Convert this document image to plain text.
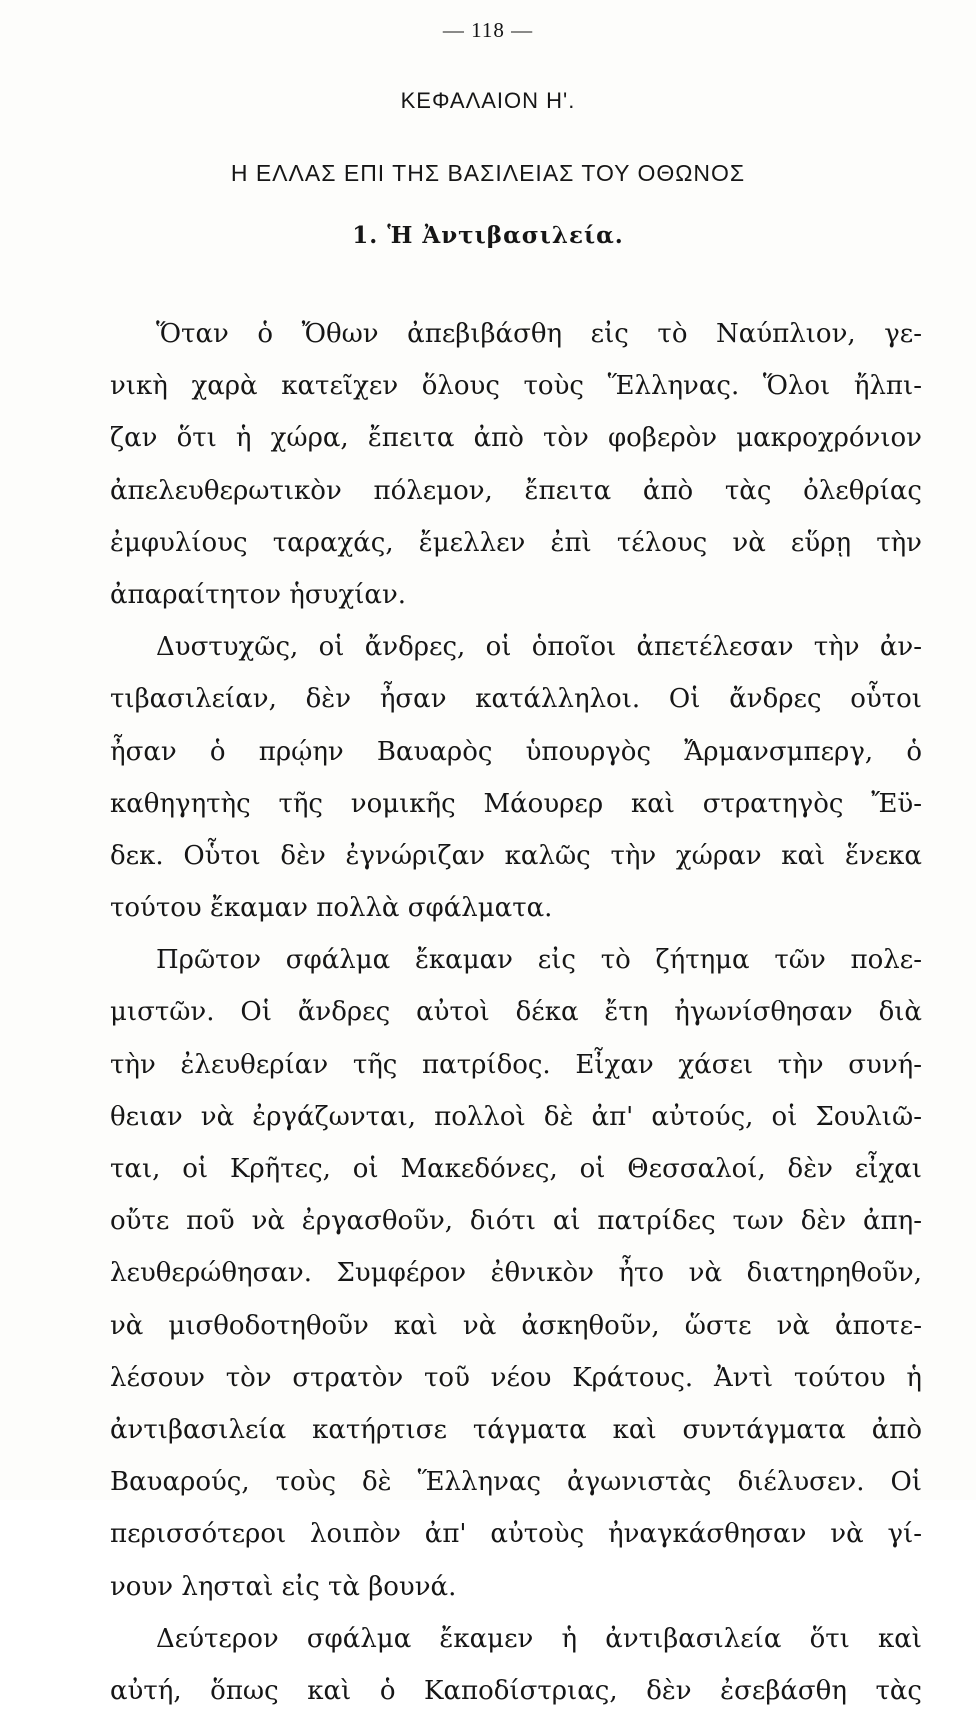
— 118 —
ΚΕΦΑΛΑΙΟΝ Η'.
Η ΕΛΛΑΣ ΕΠΙ ΤΗΣ ΒΑΣΙΛΕΙΑΣ ΤΟΥ ΟΘΩΝΟΣ
1. Ἡ Ἀντιβασιλεία.
Ὅταν ὁ Ὄθων ἀπεβιβάσθη εἰς τὸ Ναύπλιον, γε-
νικὴ χαρὰ κατεῖχεν ὅλους τοὺς Ἕλληνας. Ὅλοι ἤλπι-
ζαν ὅτι ἡ χώρα, ἔπειτα ἀπὸ τὸν φοβερὸν μακροχρόνιον
ἀπελευθερωτικὸν πόλεμον, ἔπειτα ἀπὸ τὰς ὀλεθρίας
ἐμφυλίους ταραχάς, ἔμελλεν ἐπὶ τέλους νὰ εὕρῃ τὴν
ἀπαραίτητον ἡσυχίαν.
Δυστυχῶς, οἱ ἄνδρες, οἱ ὁποῖοι ἀπετέλεσαν τὴν ἀν-
τιβασιλείαν, δὲν ἦσαν κατάλληλοι. Οἱ ἄνδρες οὗτοι
ἦσαν ὁ πρῴην Βαυαρὸς ὑπουργὸς Ἄρμανσμπεργ, ὁ
καθηγητὴς τῆς νομικῆς Μάουρερ καὶ στρατηγὸς Ἔϋ-
δεκ. Οὗτοι δὲν ἐγνώριζαν καλῶς τὴν χώραν καὶ ἕνεκα
τούτου ἔκαμαν πολλὰ σφάλματα.
Πρῶτον σφάλμα ἔκαμαν εἰς τὸ ζήτημα τῶν πολε-
μιστῶν. Οἱ ἄνδρες αὐτοὶ δέκα ἔτη ἠγωνίσθησαν διὰ
τὴν ἐλευθερίαν τῆς πατρίδος. Εἶχαν χάσει τὴν συνή-
θειαν νὰ ἐργάζωνται, πολλοὶ δὲ ἀπ' αὐτούς, οἱ Σουλιῶ-
ται, οἱ Κρῆτες, οἱ Μακεδόνες, οἱ Θεσσαλοί, δὲν εἶχαι
οὔτε ποῦ νὰ ἐργασθοῦν, διότι αἱ πατρίδες των δὲν ἀπη-
λευθερώθησαν. Συμφέρον ἐθνικὸν ἦτο νὰ διατηρηθοῦν,
νὰ μισθοδοτηθοῦν καὶ νὰ ἀσκηθοῦν, ὥστε νὰ ἀποτε-
λέσουν τὸν στρατὸν τοῦ νέου Κράτους. Ἀντὶ τούτου ἡ
ἀντιβασιλεία κατήρτισε τάγματα καὶ συντάγματα ἀπὸ
Βαυαρούς, τοὺς δὲ Ἕλληνας ἀγωνιστὰς διέλυσεν. Οἱ
περισσότεροι λοιπὸν ἀπ' αὐτοὺς ἠναγκάσθησαν νὰ γί-
νουν λησταὶ εἰς τὰ βουνά.
Δεύτερον σφάλμα ἔκαμεν ἡ ἀντιβασιλεία ὅτι καὶ
αὐτή, ὅπως καὶ ὁ Καποδίστριας, δὲν ἐσεβάσθη τὰς
